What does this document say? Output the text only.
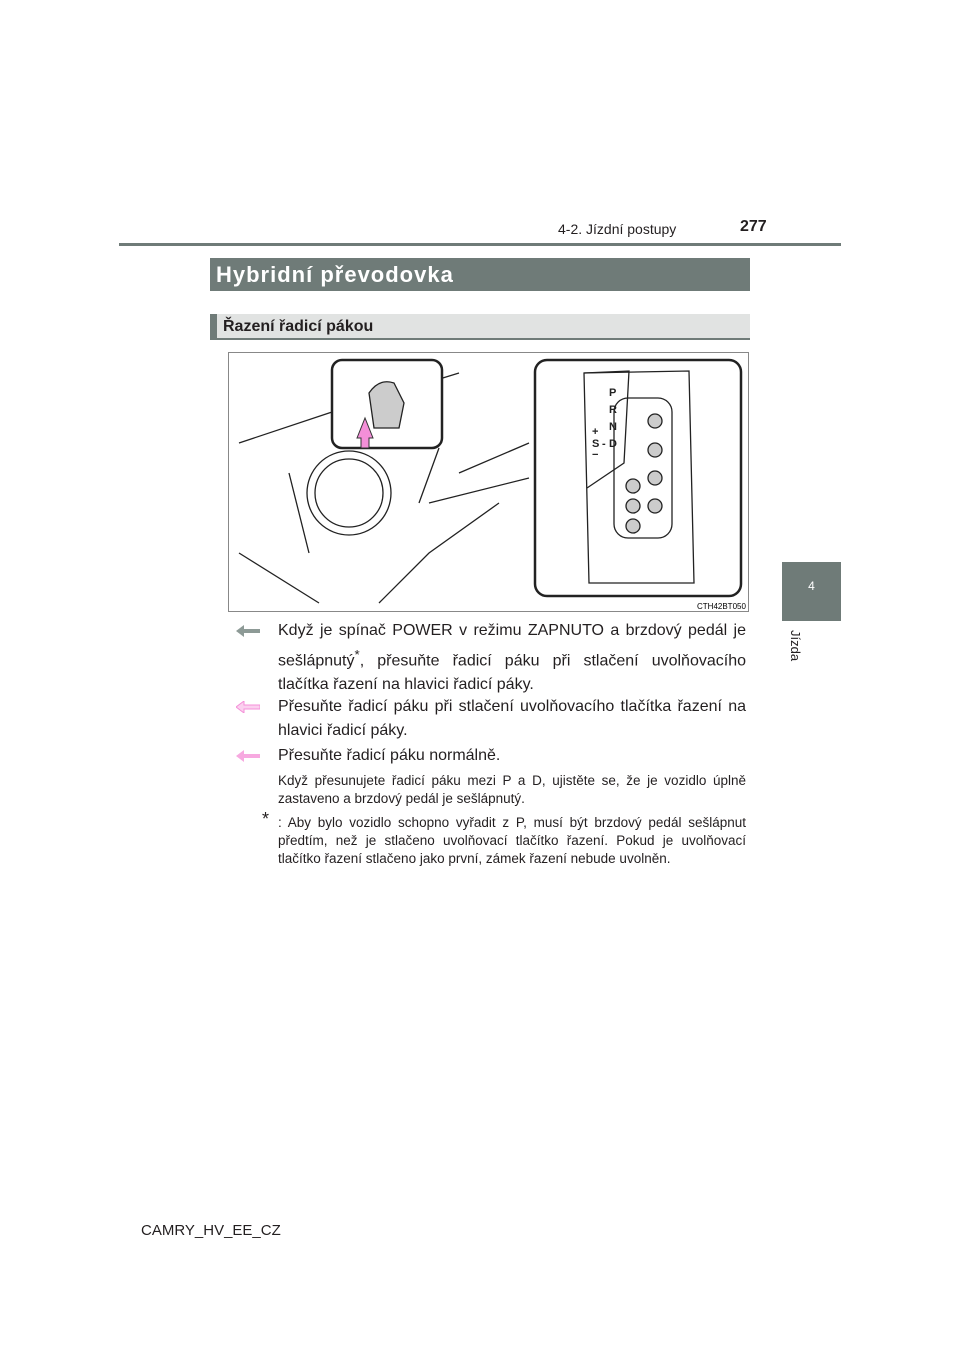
4-2. Jízdní postupy	277
4
Jízda
Hybridní převodovka
Řazení řadicí pákou
P
R
N
D
+
S -
−
CTH42BT050
Když je spínač POWER v režimu ZAPNUTO a brzdový pedál je sešlápnutý*, přesuňte řadicí páku při stlačení uvolňovacího tlačítka řazení na hlavici řadicí páky.
Přesuňte řadicí páku při stlačení uvolňovacího tlačítka řazení na hlavici řadicí páky.
Přesuňte řadicí páku normálně.
Když přesunujete řadicí páku mezi P a D, ujistěte se, že je vozidlo úplně zastaveno a brzdový pedál je sešlápnutý.
* : Aby bylo vozidlo schopno vyřadit z P, musí být brzdový pedál sešlápnut předtím, než je stlačeno uvolňovací tlačítko řazení. Pokud je uvolňovací tlačítko řazení stlačeno jako první, zámek řazení nebude uvolněn.
CAMRY_HV_EE_CZ
